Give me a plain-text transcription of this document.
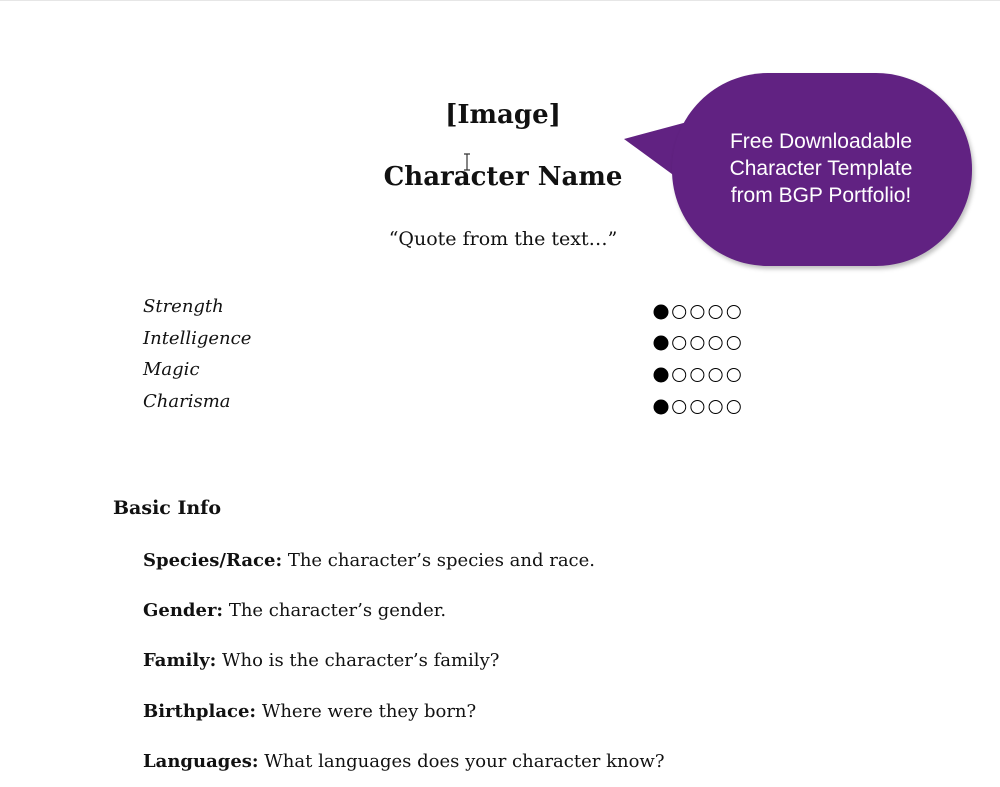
[Image]
Character Name
“Quote from the text…”
Free Downloadable
Character Template
from BGP Portfolio!
Strength
Intelligence
Magic
Charisma
Basic Info
Species/Race: The character’s species and race.
Gender: The character’s gender.
Family: Who is the character’s family?
Birthplace: Where were they born?
Languages: What languages does your character know?
